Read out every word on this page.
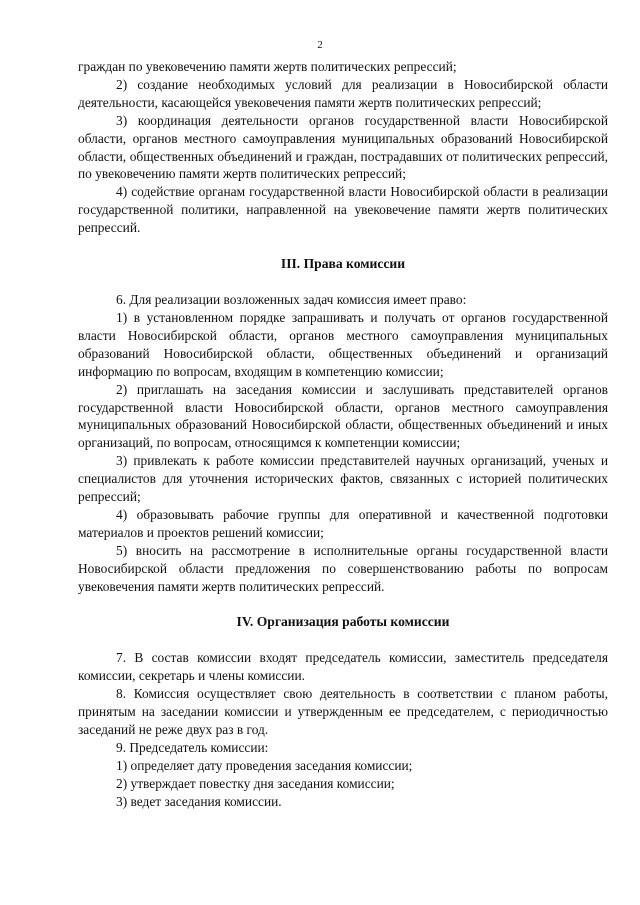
2

граждан по увековечению памяти жертв политических репрессий;

2) создание необходимых условий для реализации в Новосибирской области деятельности, касающейся увековечения памяти жертв политических репрессий;

3) координация деятельности органов государственной власти Новосибирской области, органов местного самоуправления муниципальных образований Новосибирской области, общественных объединений и граждан, пострадавших от политических репрессий, по увековечению памяти жертв политических репрессий;

4) содействие органам государственной власти Новосибирской области в реализации государственной политики, направленной на увековечение памяти жертв политических репрессий.

III. Права комиссии

6. Для реализации возложенных задач комиссия имеет право:

1) в установленном порядке запрашивать и получать от органов государственной власти Новосибирской области, органов местного самоуправления муниципальных образований Новосибирской области, общественных объединений и организаций информацию по вопросам, входящим в компетенцию комиссии;

2) приглашать на заседания комиссии и заслушивать представителей органов государственной власти Новосибирской области, органов местного самоуправления муниципальных образований Новосибирской области, общественных объединений и иных организаций, по вопросам, относящимся к компетенции комиссии;

3) привлекать к работе комиссии представителей научных организаций, ученых и специалистов для уточнения исторических фактов, связанных с историей политических репрессий;

4) образовывать рабочие группы для оперативной и качественной подготовки материалов и проектов решений комиссии;

5) вносить на рассмотрение в исполнительные органы государственной власти Новосибирской области предложения по совершенствованию работы по вопросам увековечения памяти жертв политических репрессий.

IV. Организация работы комиссии

7. В состав комиссии входят председатель комиссии, заместитель председателя комиссии, секретарь и члены комиссии.

8. Комиссия осуществляет свою деятельность в соответствии с планом работы, принятым на заседании комиссии и утвержденным ее председателем, с периодичностью заседаний не реже двух раз в год.

9. Председатель комиссии:

1) определяет дату проведения заседания комиссии;

2) утверждает повестку дня заседания комиссии;

3) ведет заседания комиссии.
